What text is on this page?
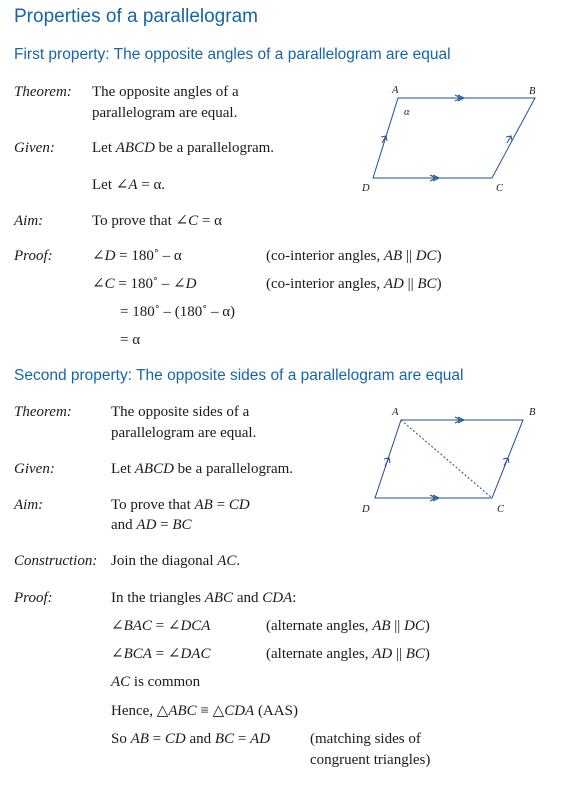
Properties of a parallelogram
First property: The opposite angles of a parallelogram are equal
Theorem: The opposite angles of a
parallelogram are equal.
Given: Let ABCD be a parallelogram.
Let ∠A = α.
Aim:	To prove that ∠C = α
Proof:	∠D = 180˚ – α	(co-interior angles, AB || DC)
∠C = 180˚ – ∠D	(co-interior angles, AD || BC)
= 180˚ – (180˚ – α)
= α
A	B
C
D
α
Second property: The opposite sides of a parallelogram are equal
Theorem:	The opposite sides of a
parallelogram are equal.
Given:	Let ABCD be a parallelogram.
Aim:	To prove that AB = CD
and AD = BC
Construction: Join the diagonal AC.
Proof:	In the triangles ABC and CDA:
∠BAC = ∠DCA	(alternate angles, AB || DC)
∠BCA = ∠DAC	(alternate angles, AD || BC)
AC is common
Hence, △ABC ≡ △CDA (AAS)
So AB = CD and BC = AD	(matching sides of
congruent triangles)
A	B
C
D
